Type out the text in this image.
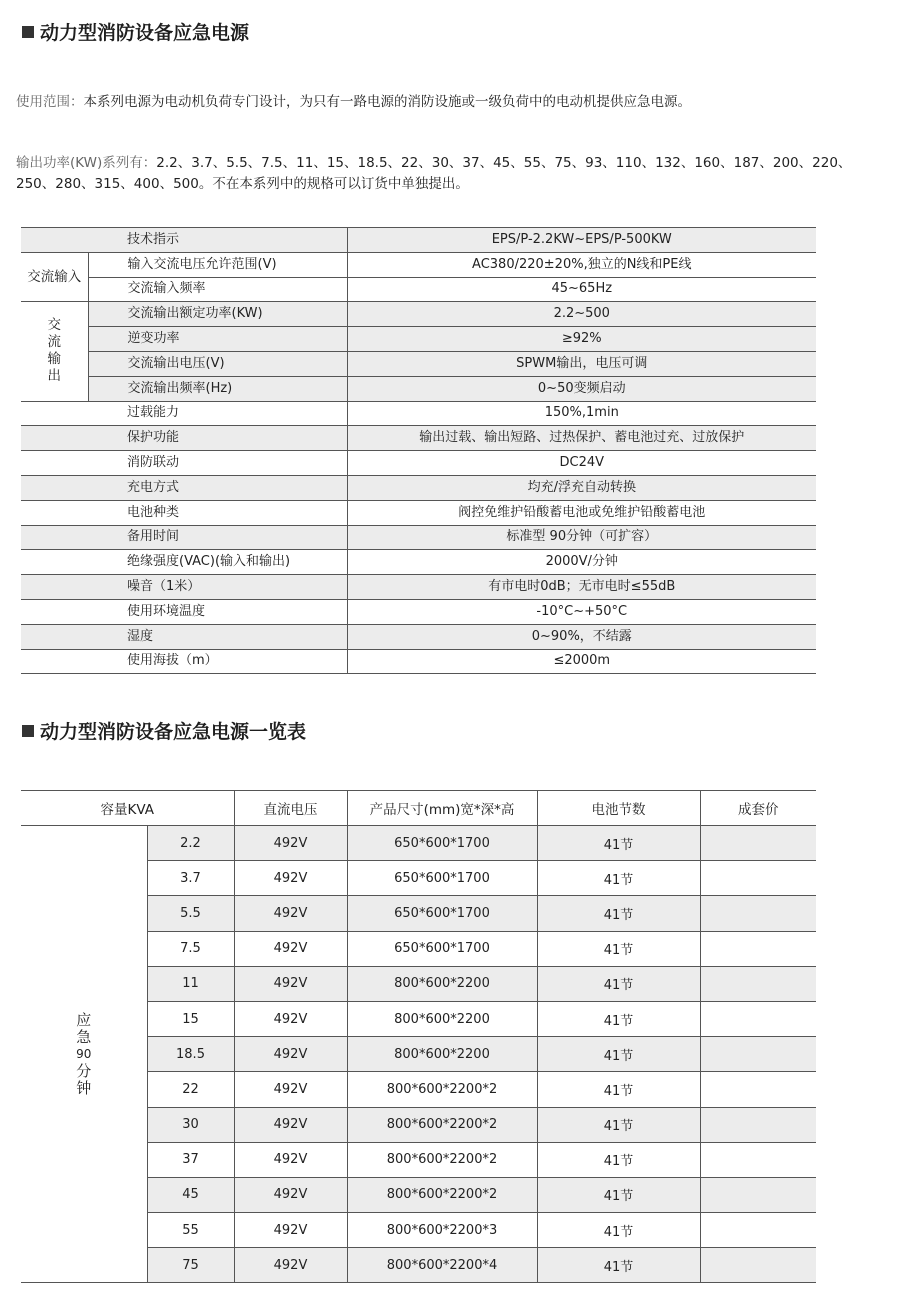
动力型消防设备应急电源

使用范围：本系列电源为电动机负荷专门设计，为只有一路电源的消防设施或一级负荷中的电动机提供应急电源。

输出功率(KW)系列有：2.2、3.7、5.5、7.5、11、15、18.5、22、30、37、45、55、75、93、110、132、160、187、200、220、250、280、315、400、500。不在本系列中的规格可以订货中单独提出。

技术指示		EPS/P-2.2KW~EPS/P-500KW
交流输入	输入交流电压允许范围(V)	AC380/220±20%,独立的N线和PE线
	交流输入频率	45~65Hz
交流输出	交流输出额定功率(KW)	2.2~500
	逆变功率	≥92%
	交流输出电压(V)	SPWM输出，电压可调
	交流输出频率(Hz)	0~50变频启动
过载能力		150%,1min
保护功能		输出过载、输出短路、过热保护、蓄电池过充、过放保护
消防联动		DC24V
充电方式		均充/浮充自动转换
电池种类		阀控免维护铅酸蓄电池或免维护铅酸蓄电池
备用时间		标准型 90分钟（可扩容）
绝缘强度(VAC)(输入和输出)		2000V/分钟
噪音（1米）		有市电时0dB；无市电时≤55dB
使用环境温度		-10°C~+50°C
湿度		0~90%，不结露
使用海拔（m）		≤2000m
动力型消防设备应急电源一览表
容量KVA		直流电压	产品尺寸(mm)宽*深*高	电池节数	成套价

应
急
90
分
钟	2.2	492V	650*600*1700	41节	
	3.7	492V	650*600*1700	41节	
	5.5	492V	650*600*1700	41节	
	7.5	492V	650*600*1700	41节	
	11	492V	800*600*2200	41节	
	15	492V	800*600*2200	41节	
	18.5	492V	800*600*2200	41节	
	22	492V	800*600*2200*2	41节	
	30	492V	800*600*2200*2	41节	
	37	492V	800*600*2200*2	41节	
	45	492V	800*600*2200*2	41节	
	55	492V	800*600*2200*3	41节	
	75	492V	800*600*2200*4	41节	
